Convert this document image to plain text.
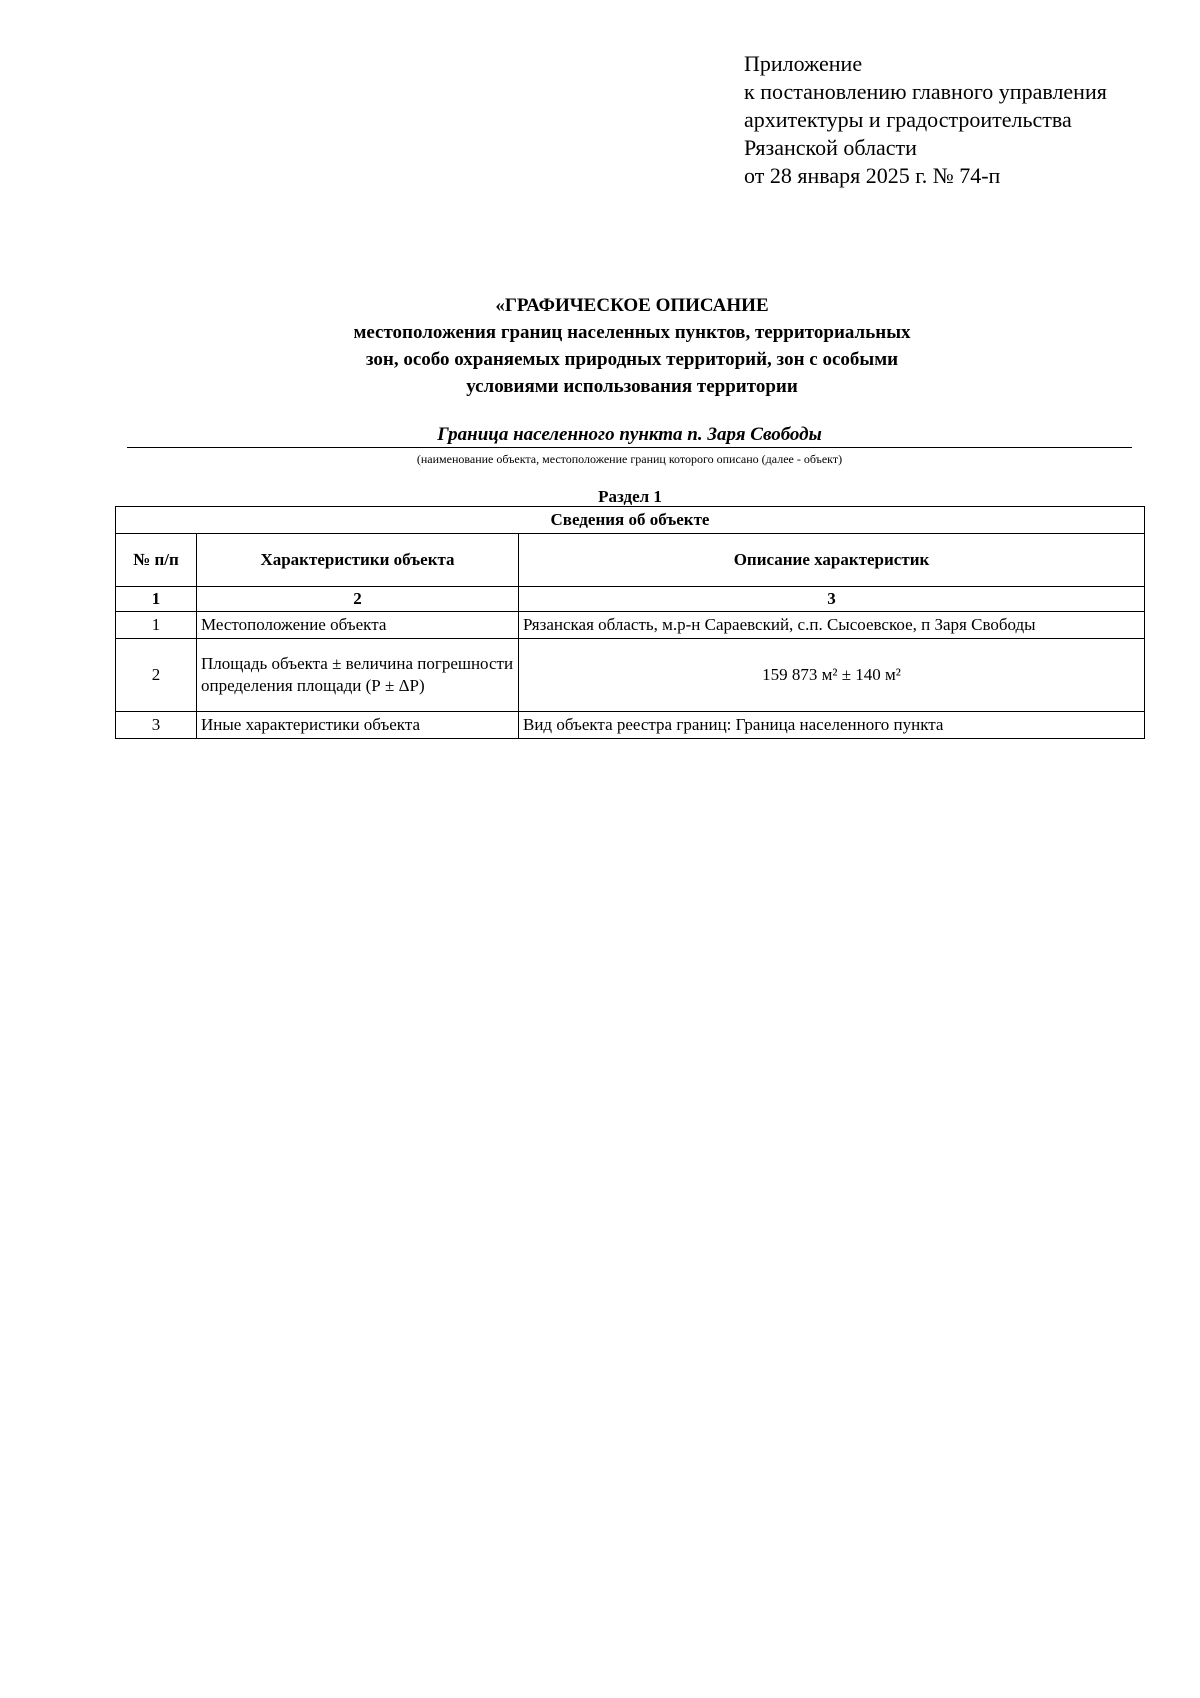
Приложение
к постановлению главного управления
архитектуры и градостроительства
Рязанской области
от 28 января 2025 г. № 74-п
«ГРАФИЧЕСКОЕ ОПИСАНИЕ
местоположения границ населенных пунктов, территориальных
зон, особо охраняемых природных территорий, зон с особыми
условиями использования территории
Граница населенного пункта п. Заря Свободы
(наименование объекта, местоположение границ которого описано (далее - объект)
Раздел 1
Сведения об объекте		
№ п/п	Характеристики объекта	Описание характеристик
1	2	3
1	Местоположение объекта	Рязанская область, м.р-н Сараевский, с.п. Сысоевское, п Заря Свободы
2	Площадь объекта ± величина погрешности определения площади (Р ± ΔР)	159 873 м² ± 140 м²
3	Иные характеристики объекта	Вид объекта реестра границ: Граница населенного пункта
